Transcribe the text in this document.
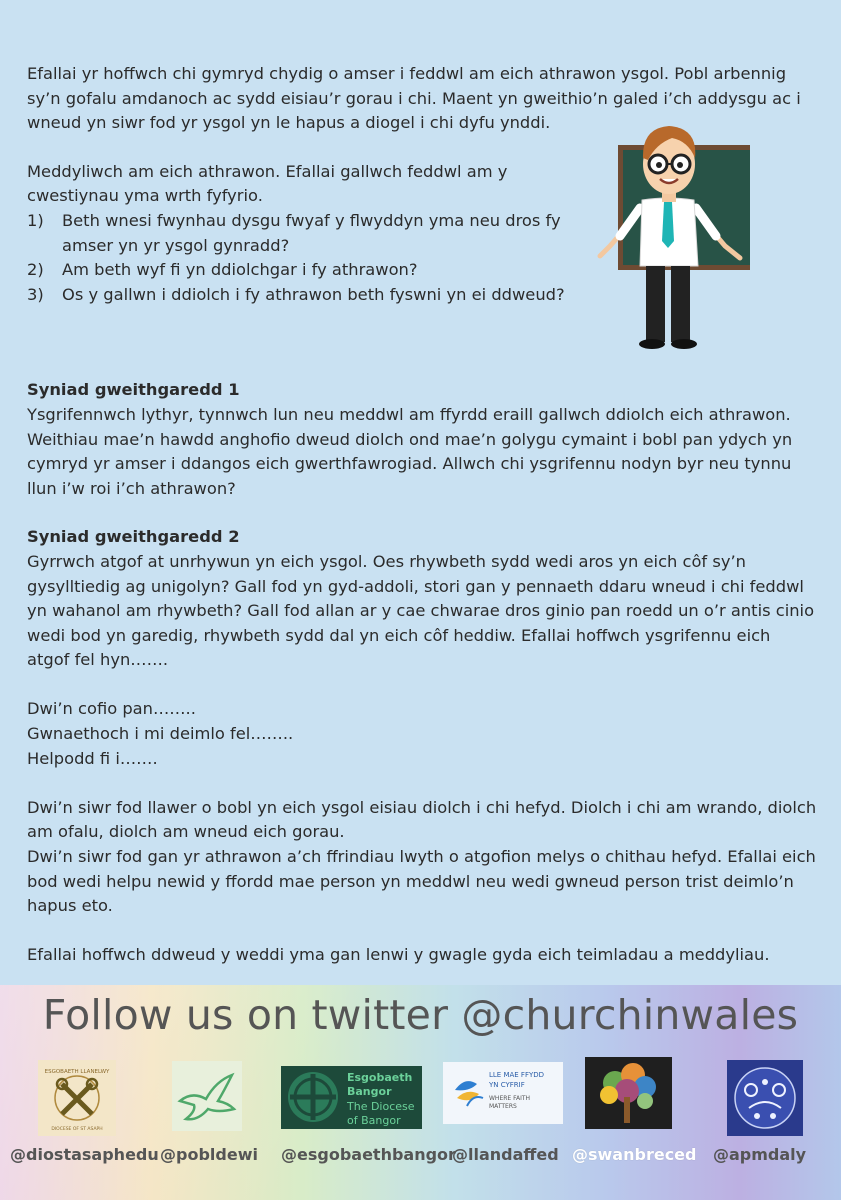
Efallai yr hoffwch chi gymryd chydig o amser i feddwl am eich athrawon ysgol. Pobl arbennig sy’n gofalu amdanoch ac sydd eisiau’r gorau i chi. Maent yn gweithio’n galed i’ch addysgu ac i wneud yn siwr fod yr ysgol yn le hapus a diogel i chi dyfu ynddi.

Meddyliwch am eich athrawon. Efallai gallwch feddwl am y cwestiynau yma wrth fyfyrio.

1)	Beth wnesi fwynhau dysgu fwyaf y flwyddyn yma neu dros fy amser yn yr ysgol gynradd?
2)	Am beth wyf fi yn ddiolchgar i fy athrawon?
3)	Os y gallwn i ddiolch i fy athrawon beth fyswni yn ei ddweud?

Syniad gweithgaredd 1

Ysgrifennwch lythyr, tynnwch lun neu meddwl am ffyrdd eraill gallwch ddiolch eich athrawon. Weithiau mae’n hawdd anghofio dweud diolch ond mae’n golygu cymaint i bobl pan ydych yn cymryd yr amser i ddangos eich gwerthfawrogiad. Allwch chi ysgrifennu nodyn byr neu tynnu llun i’w roi i’ch athrawon?

Syniad gweithgaredd 2

Gyrrwch atgof at unrhywun yn eich ysgol. Oes rhywbeth sydd wedi aros yn eich côf sy’n gysylltiedig ag unigolyn? Gall fod yn gyd-addoli, stori gan y pennaeth ddaru wneud i chi feddwl yn wahanol am rhywbeth? Gall fod allan ar y cae chwarae dros ginio pan roedd un o’r antis cinio wedi bod yn garedig, rhywbeth sydd dal yn eich côf heddiw. Efallai hoffwch ysgrifennu eich atgof fel hyn…….

Dwi’n cofio pan……..

Gwnaethoch i mi deimlo fel……..

Helpodd fi i…….

Dwi’n siwr fod llawer o bobl yn eich ysgol eisiau diolch i chi hefyd. Diolch i chi am wrando, diolch am ofalu, diolch am wneud eich gorau.

Dwi’n siwr fod gan yr athrawon a’ch ffrindiau lwyth o atgofion melys o chithau hefyd. Efallai eich bod wedi helpu newid y ffordd mae person yn meddwl neu wedi gwneud person trist deimlo’n hapus eto.

Efallai hoffwch ddweud y weddi yma gan lenwi y gwagle gyda eich teimladau a meddyliau.

Follow us on twitter @churchinwales
ESGOBAETH LLANELWY
DIOCESE OF ST ASAPH
@diostasaphedu @pobldewi
Esgobaeth
Bangor
The Diocese
of Bangor
@esgobaethbangor
LLE MAE FFYDD
YN CYFRIF
WHERE FAITH
MATTERS
@llandaffed @swanbreced @apmdaly
